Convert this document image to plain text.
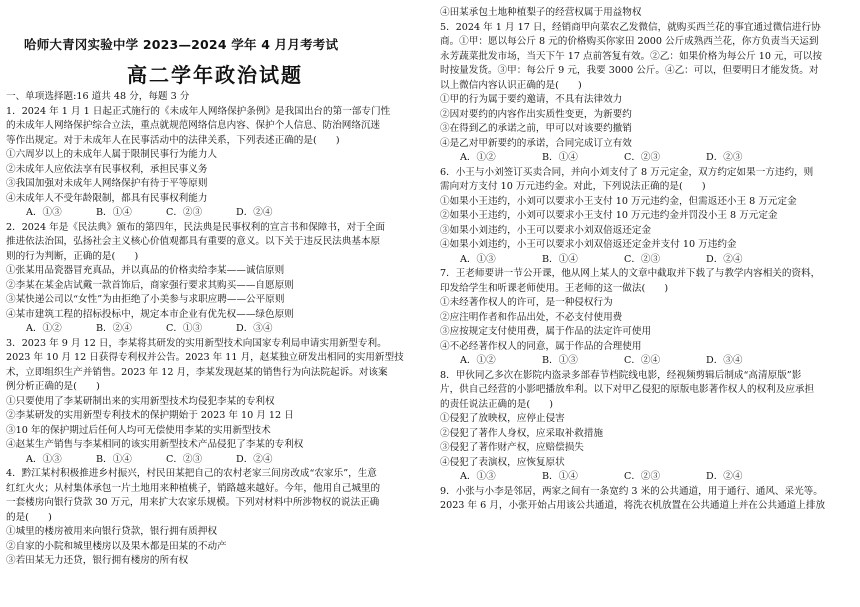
哈师大青冈实验中学 2023—2024 学年 4 月月考考试
高二学年政治试题
一、单项选择题:16 道共 48 分，每题 3 分
1．2024 年 1 月 1 日起正式施行的《未成年人网络保护条例》是我国出台的第一部专门性
的未成年人网络保护综合立法，重点就规范网络信息内容、保护个人信息、防治网络沉迷
等作出规定。对于未成年人在民事活动中的法律关系，下列表述正确的是(　　)
①六周岁以上的未成年人属于限制民事行为能力人
②未成年人应依法享有民事权利，承担民事义务
③我国加强对未成年人网络保护有待于平等原则
④未成年人不受年龄限制，都具有民事权利能力
A．①③	B．①④	C．②③	D．②④
2．2024 年是《民法典》颁布的第四年，民法典是民事权利的宣言书和保障书，对于全面
推进依法治国，弘扬社会主义核心价值观都具有重要的意义。以下关于违反民法典基本原
则的行为判断，正确的是(　　)
①张某用品瓷器冒充真品，并以真品的价格卖给李某——诚信原则
②李某在某金店试戴一款首饰后，商家强行要求其购买——自愿原则
③某快递公司以“女性”为由拒绝了小美参与求职应聘——公平原则
④某市建筑工程的招标投标中，规定本市企业有优先权——绿色原则
A．①②	B．②④	C．①③	D．③④
3．2023 年 9 月 12 日，李某将其研发的实用新型技术向国家专利局申请实用新型专利。
2023 年 10 月 12 日获得专利权并公告。2023 年 11 月，赵某独立研发出相同的实用新型技
术，立即组织生产并销售。2023 年 12 月，李某发现赵某的销售行为向法院起诉。对该案
例分析正确的是(　　)
①只要使用了李某研制出来的实用新型技术均侵犯李某的专利权
②李某研发的实用新型专利技术的保护期始于 2023 年 10 月 12 日
③10 年的保护期过后任何人均可无偿使用李某的实用新型技术
④赵某生产销售与李某相同的该实用新型技术产品侵犯了李某的专利权
A．①③	B．①④	C．②③	D．②④
4．黔江某村积极推进乡村振兴，村民田某把自己的农村老家三间房改成“农家乐”，生意
红红火火；从村集体承包一片土地用来种植桃子，销路越来越好。今年，他用自己城里的
一套楼房向银行贷款 30 万元，用来扩大农家乐规模。下列对材料中所涉物权的说法正确
的是(　　)
①城里的楼房被用来向银行贷款，银行拥有质押权
②自家的小院和城里楼房以及果木都是田某的不动产
③若田某无力还贷，银行拥有楼房的所有权
④田某承包土地种植梨子的经营权属于用益物权
5．2024 年 1 月 17 日，经销商甲向菜农乙发微信，就购买西兰花的事宜通过微信进行协
商。①甲：愿以每公斤 8 元的价格购买你家田 2000 公斤成熟西兰花，你方负责当天运到
永芳蔬菜批发市场，当天下午 17 点前答复有效。②乙：如果价格为每公斤 10 元，可以按
时按量发货。③甲：每公斤 9 元，我要 3000 公斤。④乙：可以，但要明日才能发货。对
以上微信内容认识正确的是(　　)
①甲的行为属于要约邀请，不具有法律效力
②因对要约的内容作出实质性变更，为新要约
③在得到乙的承诺之前，甲可以对该要约撤销
④是乙对甲新要约的承诺，合同完成订立有效
A．①②	B．①④	C．②③	D．②③
6．小王与小刘签订买卖合同，并向小刘支付了 8 万元定金，双方约定如果一方违约，则
需向对方支付 10 万元违约金。对此，下列说法正确的是(　　)
①如果小王违约，小刘可以要求小王支付 10 万元违约金，但需返还小王 8 万元定金
②如果小王违约，小刘可以要求小王支付 10 万元违约金并罚没小王 8 万元定金
③如果小刘违约，小王可以要求小刘双倍返还定金
④如果小刘违约，小王可以要求小刘双倍返还定金并支付 10 万违约金
A．①③	B．①④	C．②③	D．②④
7．王老师要讲一节公开课，他从网上某人的文章中截取并下载了与教学内容相关的资料，
印发给学生和听课老师使用。王老师的这一做法(　　)
①未经著作权人的许可，是一种侵权行为
②应注明作者和作品出处，不必支付使用费
③应按规定支付使用费，属于作品的法定许可使用
④不必经著作权人的同意，属于作品的合理使用
A．①②	B．①③	C．②④	D．③④
8．甲伙同乙多次在影院内盗录多部春节档院线电影，经视频剪辑后制成“高清原版”影
片，供自己经营的小影吧播放牟利。以下对甲乙侵犯的原版电影著作权人的权利及应承担
的责任说法正确的是(　　)
①侵犯了放映权，应停止侵害
②侵犯了著作人身权，应采取补救措施
③侵犯了著作财产权，应赔偿损失
④侵犯了表演权，应恢复原状
A．①③	B．①④	C．②③	D．②④
9．小张与小李是邻居，两家之间有一条宽约 3 米的公共通道，用于通行、通风、采光等。
2023 年 6 月，小张开始占用该公共通道，将洗衣机放置在公共通道上并在公共通道上排放
